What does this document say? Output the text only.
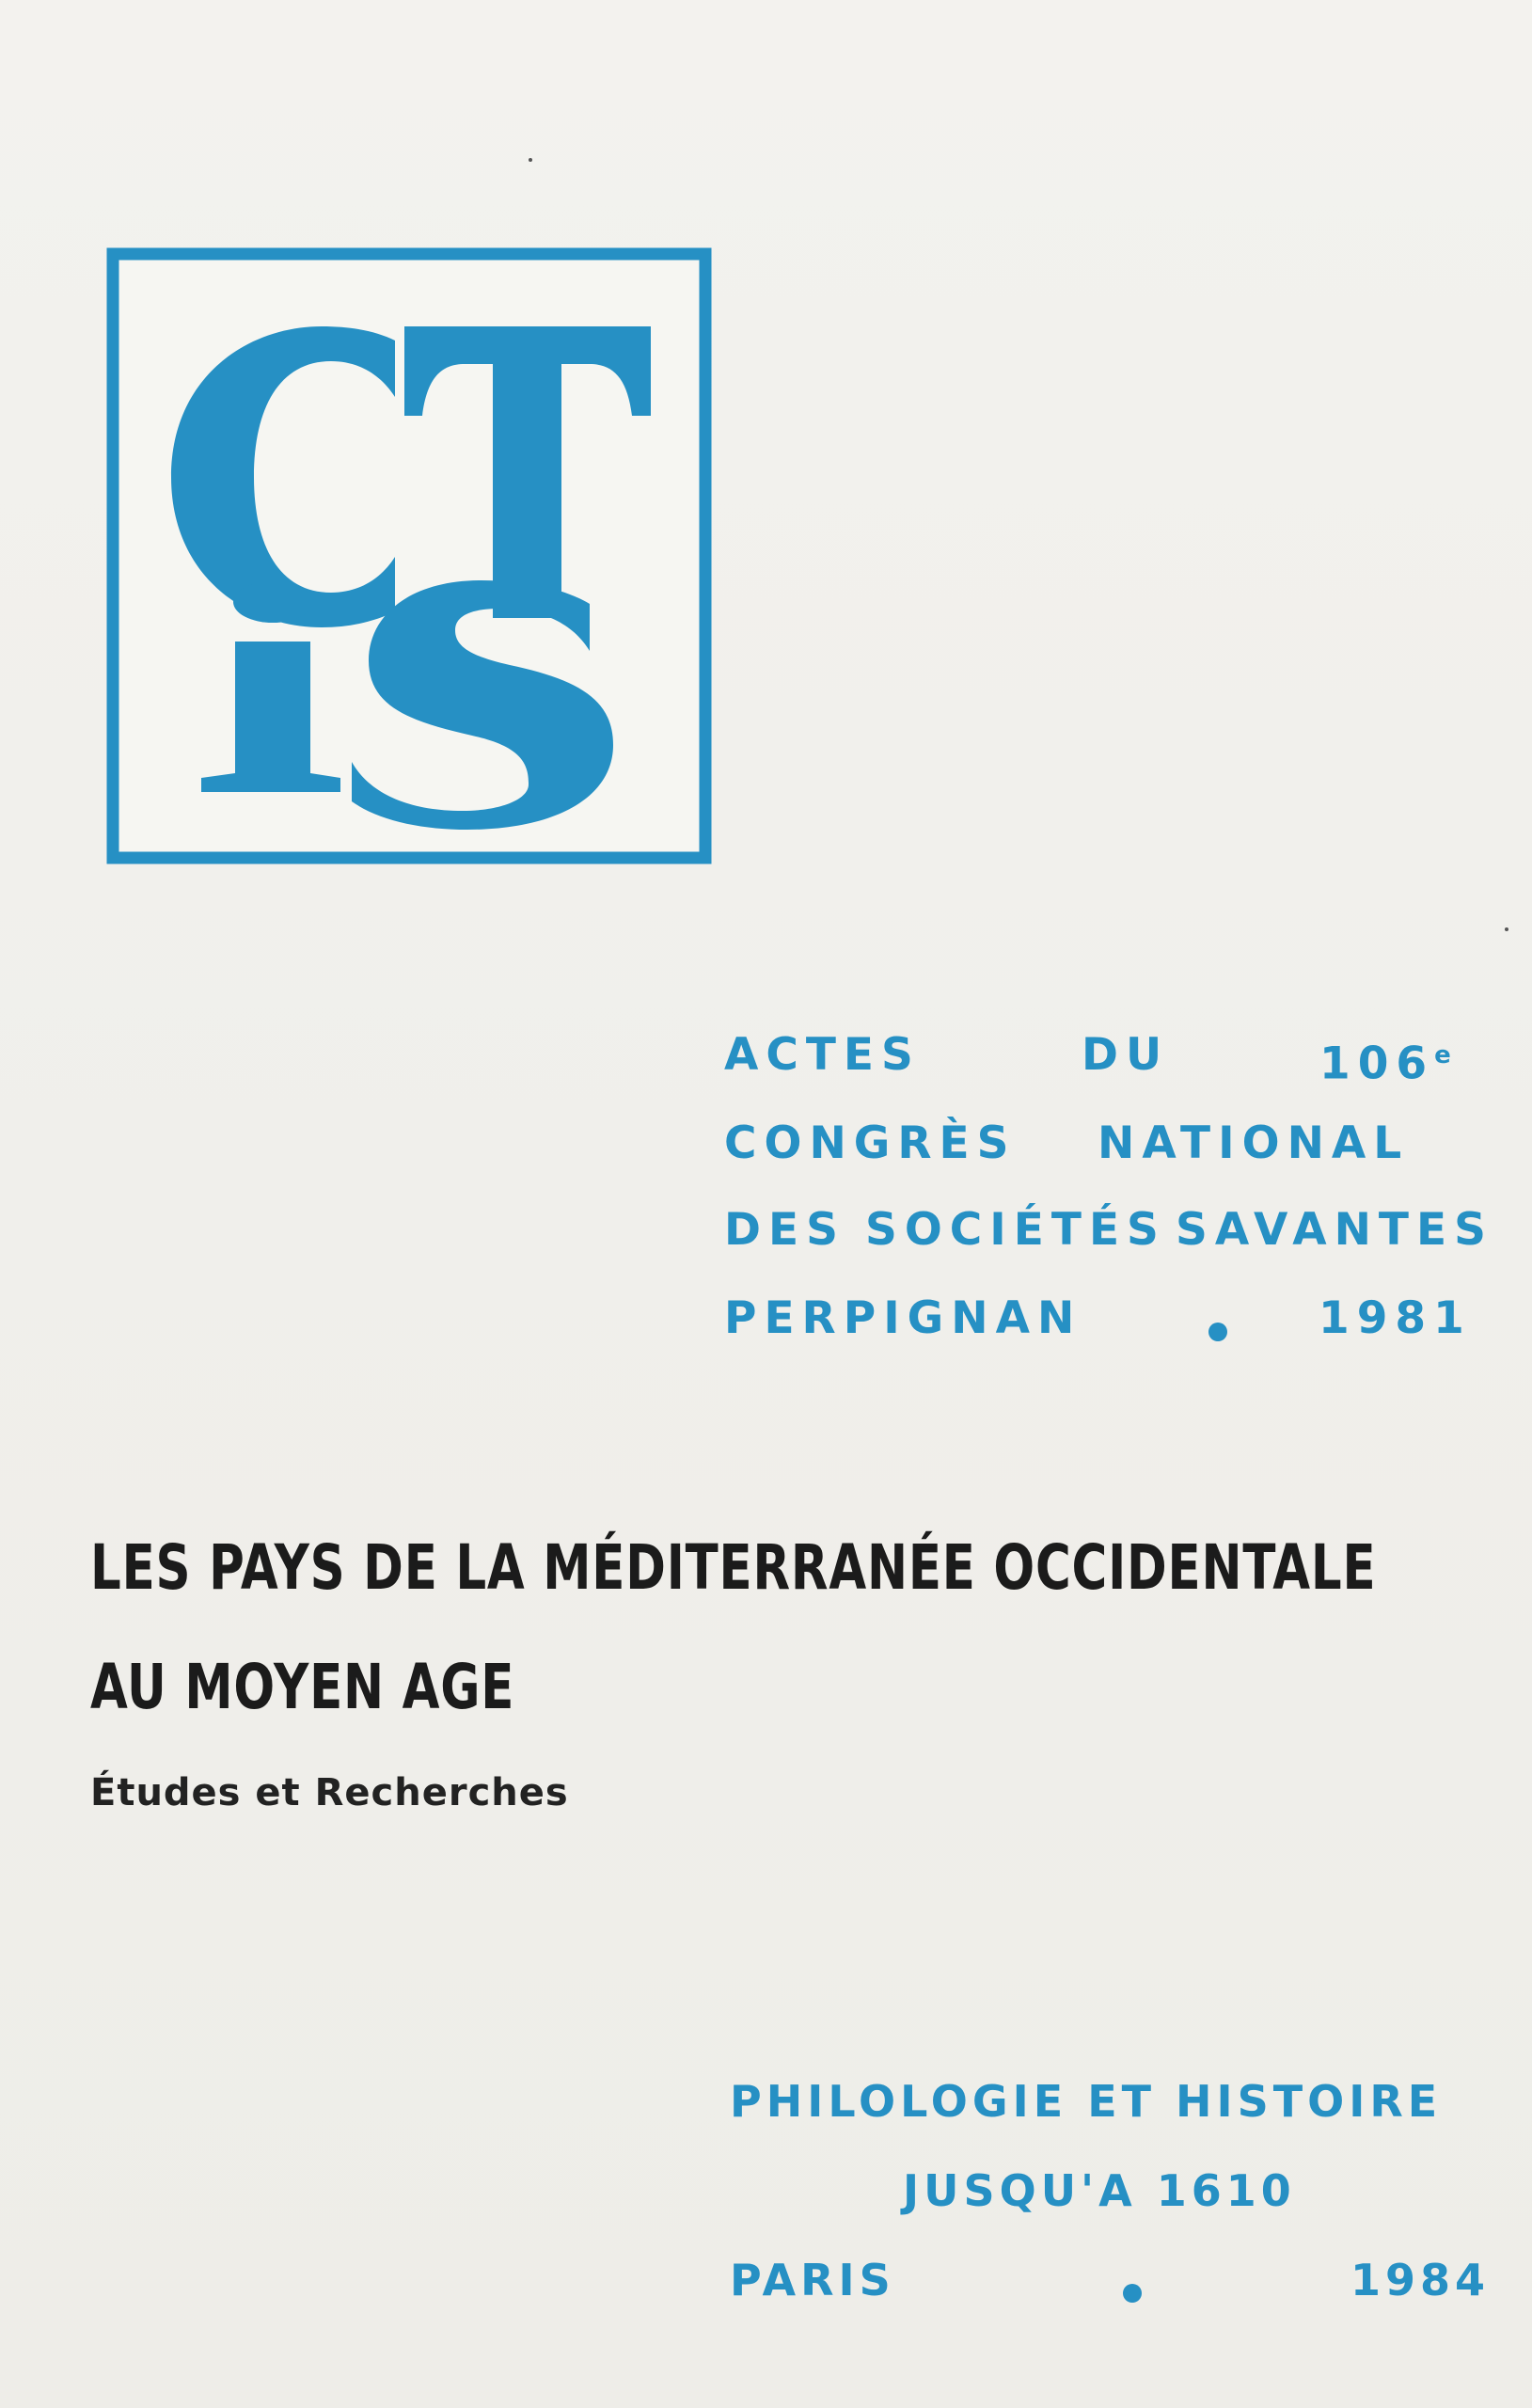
ACTES	DU	106e
CONGRÈS NATIONAL
DES SOCIÉTÉS SAVANTES
PERPIGNAN	1981
LES PAYS DE LA MÉDITERRANÉE OCCIDENTALE
AU MOYEN AGE
Études et Recherches
PHILOLOGIE ET HISTOIRE
JUSQU'A 1610
PARIS	1984
